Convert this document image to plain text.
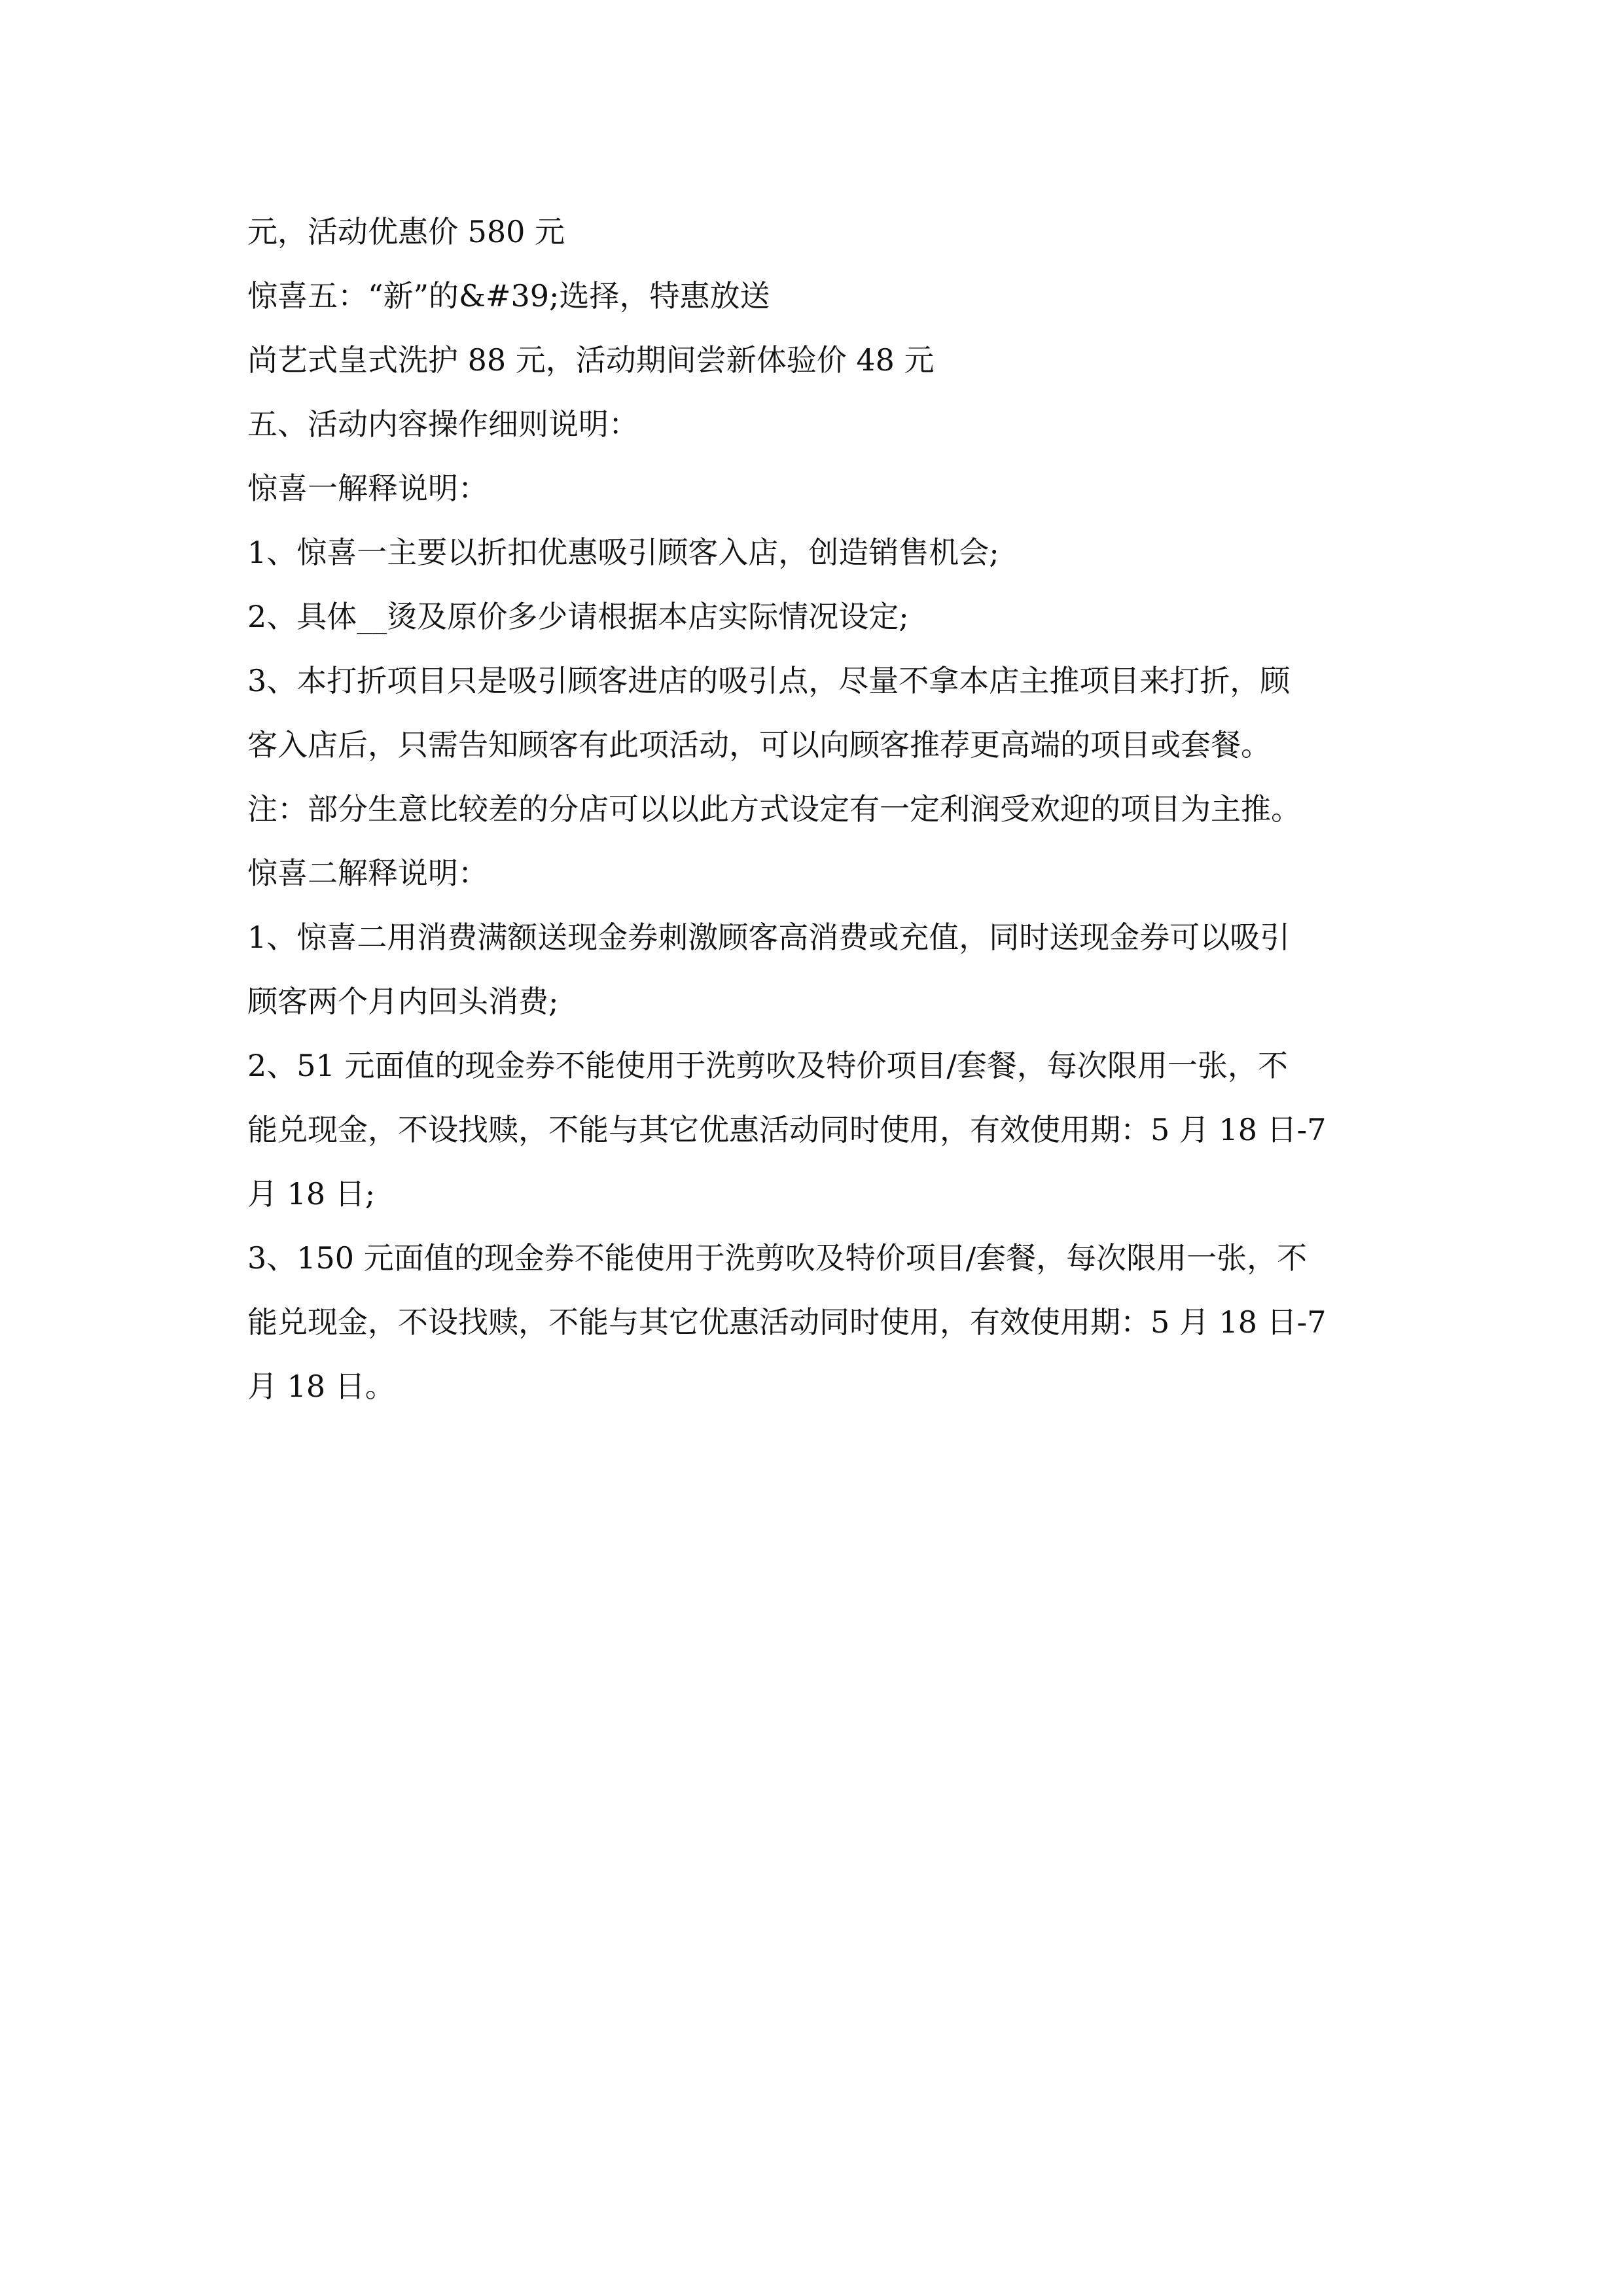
元，活动优惠价 580 元
惊喜五：“新”的&#39;选择，特惠放送
尚艺式皇式洗护 88 元，活动期间尝新体验价 48 元
五、活动内容操作细则说明：
惊喜一解释说明：
1、惊喜一主要以折扣优惠吸引顾客入店，创造销售机会;
2、具体__烫及原价多少请根据本店实际情况设定;
3、本打折项目只是吸引顾客进店的吸引点，尽量不拿本店主推项目来打折，顾
客入店后，只需告知顾客有此项活动，可以向顾客推荐更高端的项目或套餐。
注：部分生意比较差的分店可以以此方式设定有一定利润受欢迎的项目为主推。
惊喜二解释说明：
1、惊喜二用消费满额送现金券刺激顾客高消费或充值，同时送现金券可以吸引
顾客两个月内回头消费;
2、51 元面值的现金券不能使用于洗剪吹及特价项目/套餐，每次限用一张，不
能兑现金，不设找赎，不能与其它优惠活动同时使用，有效使用期：5 月 18 日-7
月 18 日;
3、150 元面值的现金券不能使用于洗剪吹及特价项目/套餐，每次限用一张，不
能兑现金，不设找赎，不能与其它优惠活动同时使用，有效使用期：5 月 18 日-7
月 18 日。
